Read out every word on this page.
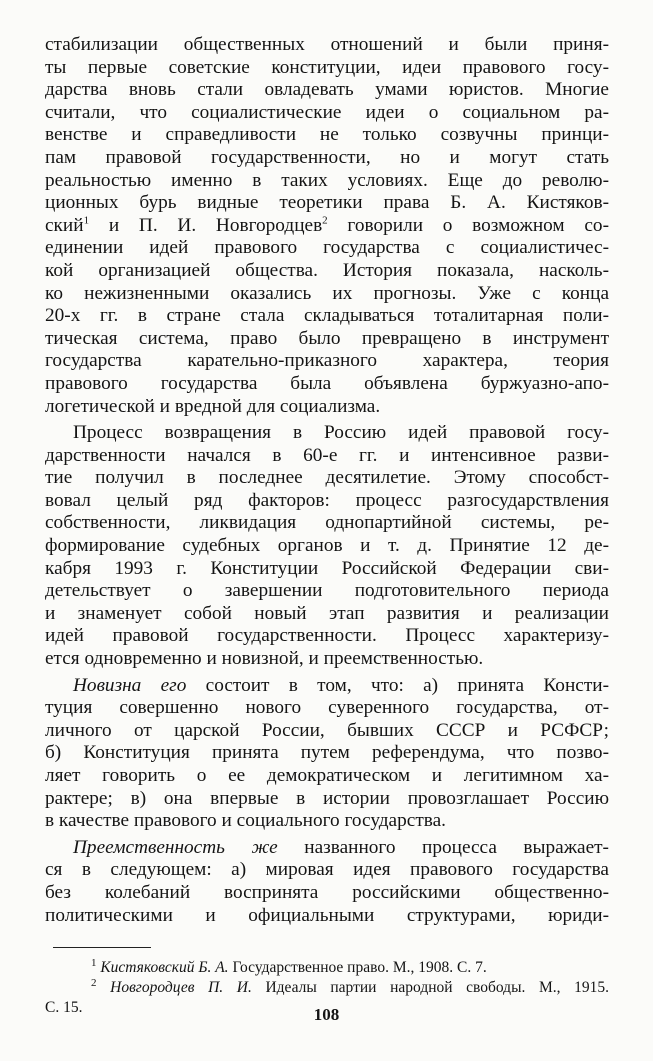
стабилизации общественных отношений и были приня-
ты первые советские конституции, идеи правового госу-
дарства вновь стали овладевать умами юристов. Многие
считали, что социалистические идеи о социальном ра-
венстве и справедливости не только созвучны принци-
пам правовой государственности, но и могут стать
реальностью именно в таких условиях. Еще до револю-
ционных бурь видные теоретики права Б. А. Кистяков-
ский$^1$ и П. И. Новгородцев$^2$ говорили о возможном со-
единении идей правового государства с социалистичес-
кой организацией общества. История показала, насколь-
ко нежизненными оказались их прогнозы. Уже с конца
20-х гг. в стране стала складываться тоталитарная поли-
тическая система, право было превращено в инструмент
государства карательно-приказного характера, теория
правового государства была объявлена буржуазно-апо-
логетической и вредной для социализма.
Процесс возвращения в Россию идей правовой госу-
дарственности начался в 60-е гг. и интенсивное разви-
тие получил в последнее десятилетие. Этому способст-
вовал целый ряд факторов: процесс разгосударствления
собственности, ликвидация однопартийной системы, ре-
формирование судебных органов и т. д. Принятие 12 де-
кабря 1993 г. Конституции Российской Федерации сви-
детельствует о завершении подготовительного периода
и знаменует собой новый этап развития и реализации
идей правовой государственности. Процесс характеризу-
ется одновременно и новизной, и преемственностью.
Новизна его состоит в том, что: а) принята Консти-
туция совершенно нового суверенного государства, от-
личного от царской России, бывших СССР и РСФСР;
б) Конституция принята путем референдума, что позво-
ляет говорить о ее демократическом и легитимном ха-
рактере; в) она впервые в истории провозглашает Россию
в качестве правового и социального государства.
Преемственность же названного процесса выражает-
ся в следующем: а) мировая идея правового государства
без колебаний воспринята российскими общественно-
политическими и официальными структурами, юриди-
$^1$ Кистяковский Б. А. Государственное право. М., 1908. С. 7.
$^2$ Новгородцев П. И. Идеалы партии народной свободы. М., 1915.
С. 15.	108
